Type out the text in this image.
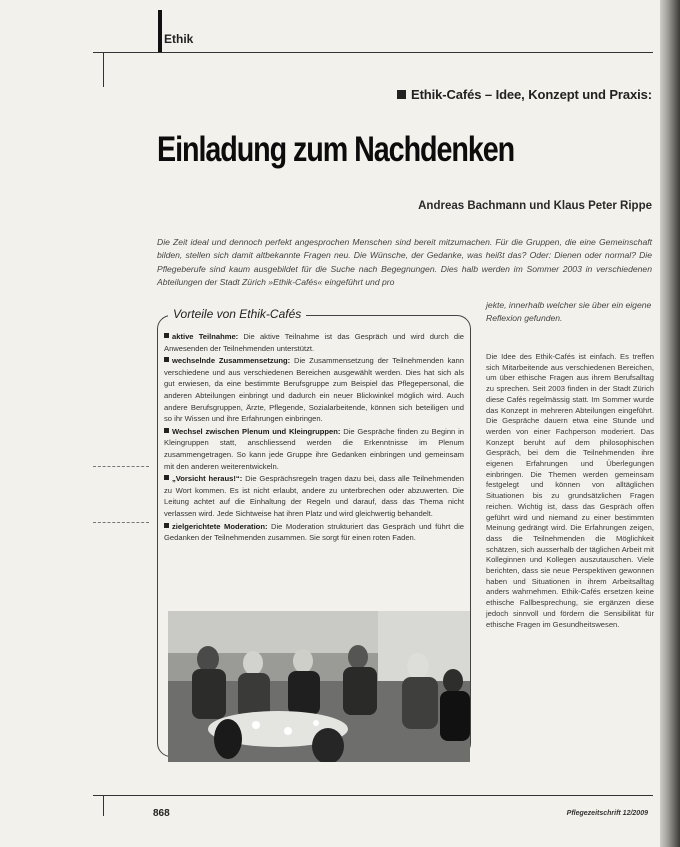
Ethik
Ethik-Cafés – Idee, Konzept und Praxis:
Einladung zum Nachdenken
Andreas Bachmann und Klaus Peter Rippe
Die Zeit ideal und dennoch perfekt angesprochen Menschen sind bereit mitzumachen. Für die Gruppen, die eine Gemeinschaft bilden, stellen sich damit altbekannte Fragen neu. Die Wünsche, der Gedanke, was heißt das? Oder: Dienen oder normal? Die Pflegeberufe sind kaum ausgebildet für die Suche nach Begegnungen. Dies halb werden im Sommer 2003 in verschiedenen Abteilungen der Stadt Zürich »Ethik-Cafés« eingeführt und pro
jekte, innerhalb welcher sie über ein eigene Reflexion gefunden.
Vorteile von Ethik-Cafés
aktive Teilnahme: Die aktive Teilnahme ist das Gespräch und wird durch die Anwesenden der Teilnehmenden unterstützt.
wechselnde Zusammensetzung: Die Zusammensetzung der Teilnehmenden kann verschiedene und aus verschiedenen Bereichen ausgewählt werden. Dies hat sich als gut erwiesen, da eine bestimmte Berufsgruppe zum Beispiel das Pflegepersonal, die anderen Abteilungen einbringt und dadurch ein neuer Blickwinkel möglich wird. Auch andere Berufsgruppen, Ärzte, Pflegende, Sozialarbeitende, können sich beteiligen und so ihr Wissen und ihre Erfahrungen einbringen.
Wechsel zwischen Plenum und Kleingruppen: Die Gespräche finden zu Beginn in Kleingruppen statt, anschliessend werden die Erkenntnisse im Plenum zusammengetragen. So kann jede Gruppe ihre Gedanken einbringen und gemeinsam mit den anderen weiterentwickeln.
„Vorsicht heraus!“: Die Gesprächsregeln tragen dazu bei, dass alle Teilnehmenden zu Wort kommen. Es ist nicht erlaubt, andere zu unterbrechen oder abzuwerten. Die Leitung achtet auf die Einhaltung der Regeln und darauf, dass das Thema nicht verlassen wird. Jede Sichtweise hat ihren Platz und wird gleichwertig behandelt.
zielgerichtete Moderation: Die Moderation strukturiert das Gespräch und führt die Gedanken der Teilnehmenden zusammen. Sie sorgt für einen roten Faden.
Die Idee des Ethik-Cafés ist einfach. Es treffen sich Mitarbeitende aus verschiedenen Bereichen, um über ethische Fragen aus ihrem Berufsalltag zu sprechen. Seit 2003 finden in der Stadt Zürich diese Cafés regelmässig statt. Im Sommer wurde das Konzept in mehreren Abteilungen eingeführt. Die Gespräche dauern etwa eine Stunde und werden von einer Fachperson moderiert. Das Konzept beruht auf dem philosophischen Gespräch, bei dem die Teilnehmenden ihre eigenen Erfahrungen und Überlegungen einbringen. Die Themen werden gemeinsam festgelegt und können von alltäglichen Situationen bis zu grundsätzlichen Fragen reichen. Wichtig ist, dass das Gespräch offen geführt wird und niemand zu einer bestimmten Meinung gedrängt wird. Die Erfahrungen zeigen, dass die Teilnehmenden die Möglichkeit schätzen, sich ausserhalb der täglichen Arbeit mit Kolleginnen und Kollegen auszutauschen. Viele berichten, dass sie neue Perspektiven gewonnen haben und Situationen in ihrem Arbeitsalltag anders wahrnehmen. Ethik-Cafés ersetzen keine ethische Fallbesprechung, sie ergänzen diese jedoch sinnvoll und fördern die Sensibilität für ethische Fragen im Gesundheitswesen.
868	Pflegezeitschrift 12/2009
